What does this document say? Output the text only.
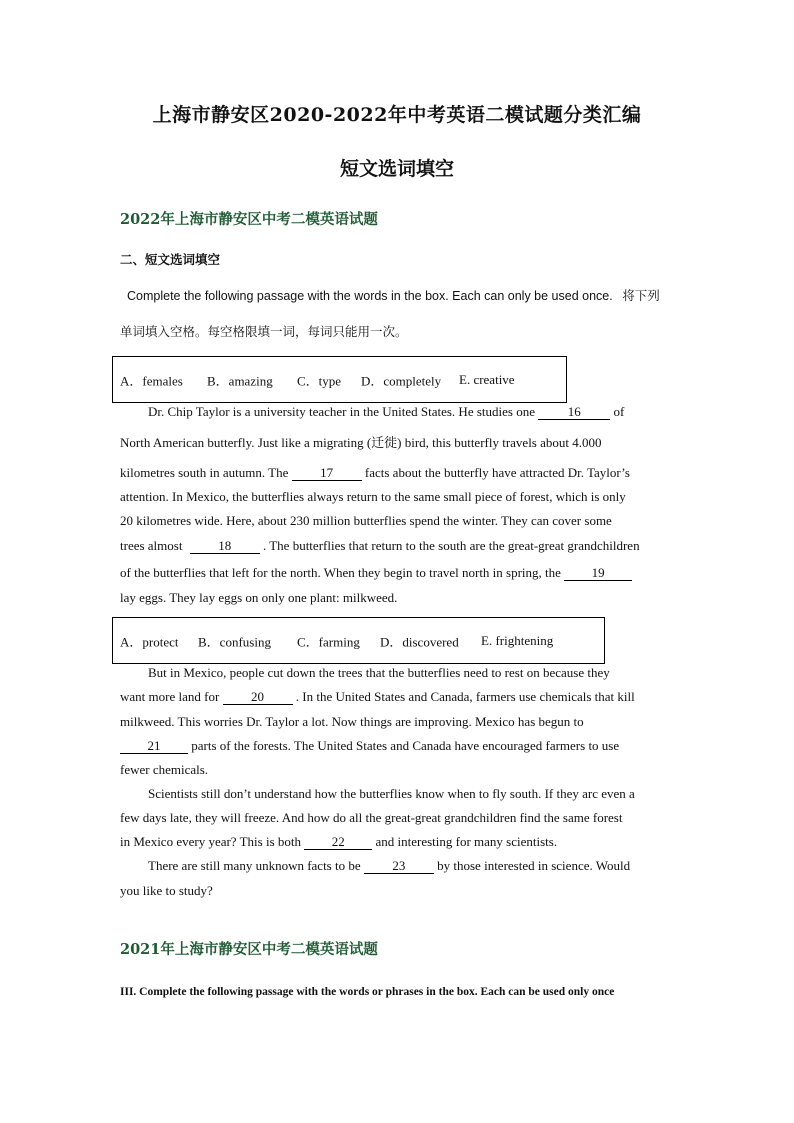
上海市静安区2020-2022年中考英语二模试题分类汇编
短文选词填空
2022年上海市静安区中考二模英语试题
二、短文选词填空
Complete the following passage with the words in the box. Each can only be used once. 将下列
单词填入空格。每空格限填一词，每词只能用一次。
A．females B．amazing C．type D．completely E. creative
Dr. Chip Taylor is a university teacher in the United States. He studies one	16	of
North American butterfly. Just like a migrating (迁徙) bird, this butterfly travels about 4.000
kilometres south in autumn. The 17 facts about the butterfly have attracted Dr. Taylor’s
attention. In Mexico, the butterflies always return to the same small piece of forest, which is only
20 kilometres wide. Here, about 230 million butterflies spend the winter. They can cover some
trees almost	18 . The butterflies that return to the south are the great-great grandchildren
of the butterflies that left for the north. When they begin to travel north in spring, the 19
lay eggs. They lay eggs on only one plant: milkweed.
A．protect B．confusing C．farming D．discovered E. frightening
But in Mexico, people cut down the trees that the butterflies need to rest on because they
want more land for 20 . In the United States and Canada, farmers use chemicals that kill
milkweed. This worries Dr. Taylor a lot. Now things are improving. Mexico has begun to
21 parts of the forests. The United States and Canada have encouraged farmers to use
fewer chemicals.
Scientists still don’t understand how the butterflies know when to fly south. If they arc even a
few days late, they will freeze. And how do all the great-great grandchildren find the same forest
in Mexico every year? This is both 22 and interesting for many scientists.
There are still many unknown facts to be 23 by those interested in science. Would
you like to study?
2021年上海市静安区中考二模英语试题
III. Complete the following passage with the words or phrases in the box. Each can be used only once
